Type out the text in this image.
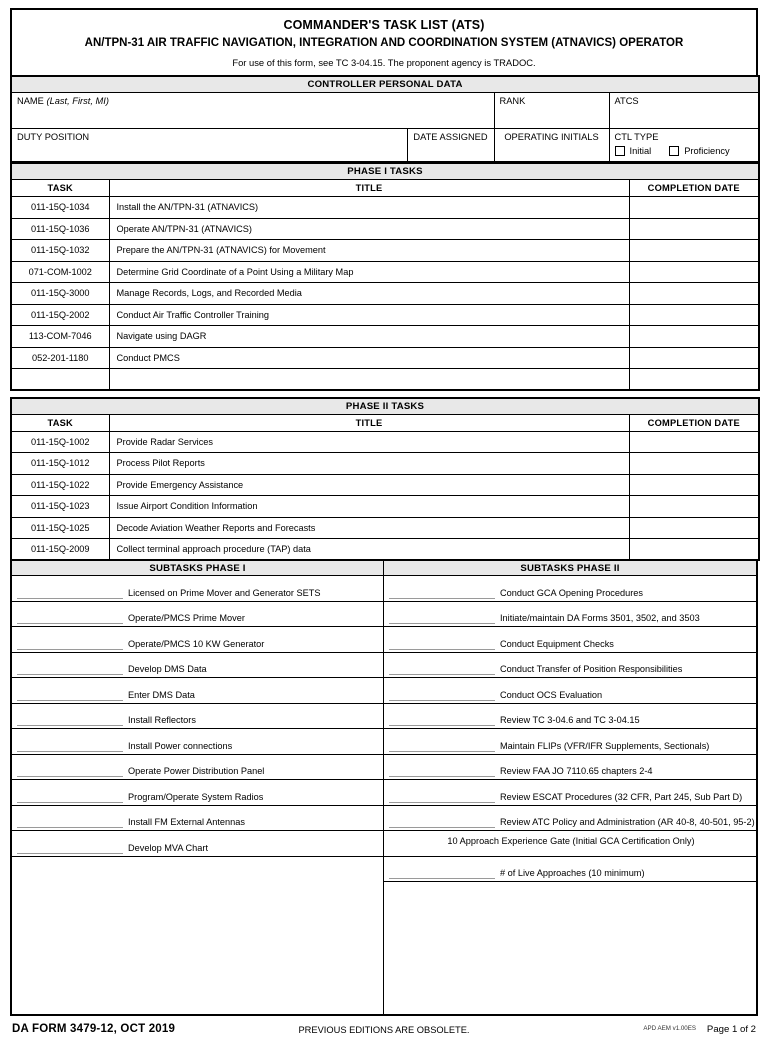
COMMANDER'S TASK LIST (ATS)
AN/TPN-31 AIR TRAFFIC NAVIGATION, INTEGRATION AND COORDINATION SYSTEM (ATNAVICS) OPERATOR
For use of this form, see TC 3-04.15. The proponent agency is TRADOC.
CONTROLLER PERSONAL DATA			
NAME (Last, First, MI)		RANK	ATCS
DUTY POSITION	DATE ASSIGNED	OPERATING INITIALS	CTL TYPE
Initial Proficiency
PHASE I TASKS		
TASK	TITLE	COMPLETION DATE
011-15Q-1034	Install the AN/TPN-31 (ATNAVICS)	
011-15Q-1036	Operate AN/TPN-31 (ATNAVICS)	
011-15Q-1032	Prepare the AN/TPN-31 (ATNAVICS) for Movement	
071-COM-1002	Determine Grid Coordinate of a Point Using a Military Map	
011-15Q-3000	Manage Records, Logs, and Recorded Media	
011-15Q-2002	Conduct Air Traffic Controller Training	
113-COM-7046	Navigate using DAGR	
052-201-1180	Conduct PMCS	

PHASE II TASKS		
TASK	TITLE	COMPLETION DATE
011-15Q-1002	Provide Radar Services	
011-15Q-1012	Process Pilot Reports	
011-15Q-1022	Provide Emergency Assistance	
011-15Q-1023	Issue Airport Condition Information	
011-15Q-1025	Decode Aviation Weather Reports and Forecasts	
011-15Q-2009	Collect terminal approach procedure (TAP) data	
SUBTASKS PHASE I
Licensed on Prime Mover and Generator SETS
Operate/PMCS Prime Mover
Operate/PMCS 10 KW Generator
Develop DMS Data
Enter DMS Data
Install Reflectors
Install Power connections
Operate Power Distribution Panel
Program/Operate System Radios
Install FM External Antennas
Develop MVA Chart
SUBTASKS PHASE II
Conduct GCA Opening Procedures
Initiate/maintain DA Forms 3501, 3502, and 3503
Conduct Equipment Checks
Conduct Transfer of Position Responsibilities
Conduct OCS Evaluation
Review TC 3-04.6 and TC 3-04.15
Maintain FLIPs (VFR/IFR Supplements, Sectionals)
Review FAA JO 7110.65 chapters 2-4
Review ESCAT Procedures (32 CFR, Part 245, Sub Part D)
Review ATC Policy and Administration (AR 40-8, 40-501, 95-2)
10 Approach Experience Gate (Initial GCA Certification Only)
# of Live Approaches (10 minimum)
DA FORM 3479-12, OCT 2019	PREVIOUS EDITIONS ARE OBSOLETE.	APD AEM v1.00ES Page 1 of 2
